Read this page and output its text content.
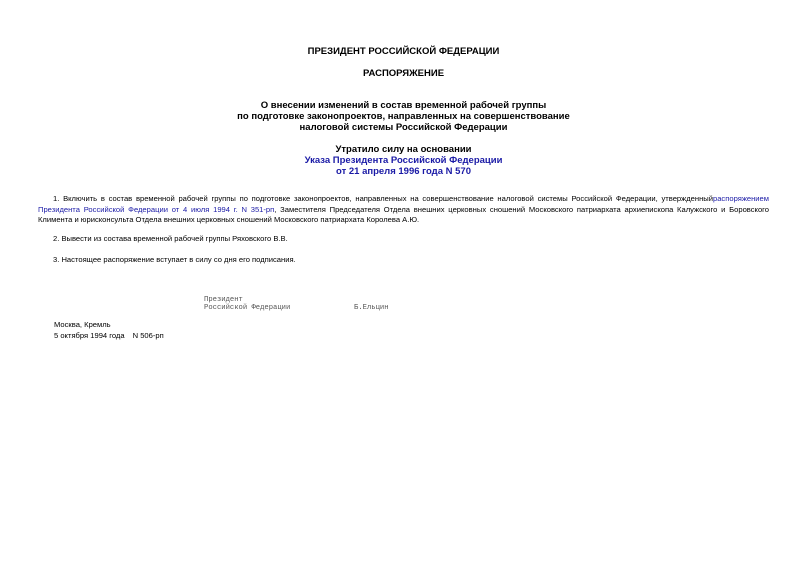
ПРЕЗИДЕНТ РОССИЙСКОЙ ФЕДЕРАЦИИ
РАСПОРЯЖЕНИЕ
О внесении изменений в состав временной рабочей группы
по подготовке законопроектов, направленных на совершенствование
налоговой системы Российской Федерации
Утратило силу на основании
Указа Президента Российской Федерации
от 21 апреля 1996 года N 570
1. Включить в состав временной рабочей группы по подготовке законопроектов, направленных на совершенствование налоговой системы Российской Федерации, утвержденныйраспоряжением Президента Российской Федерации от 4 июля 1994 г. N 351-рп, Заместителя Председателя Отдела внешних церковных сношений Московского патриархата архиепископа Калужского и Боровского Климента и юрисконсульта Отдела внешних церковных сношений Московского патриархата Королева А.Ю.
2. Вывести из состава временной рабочей группы Ряховского В.В.
3. Настоящее распоряжение вступает в силу со дня его подписания.
Президент
Российской Федерации	Б.Ельцин
Москва, Кремль
5 октября 1994 года N 506-рп
